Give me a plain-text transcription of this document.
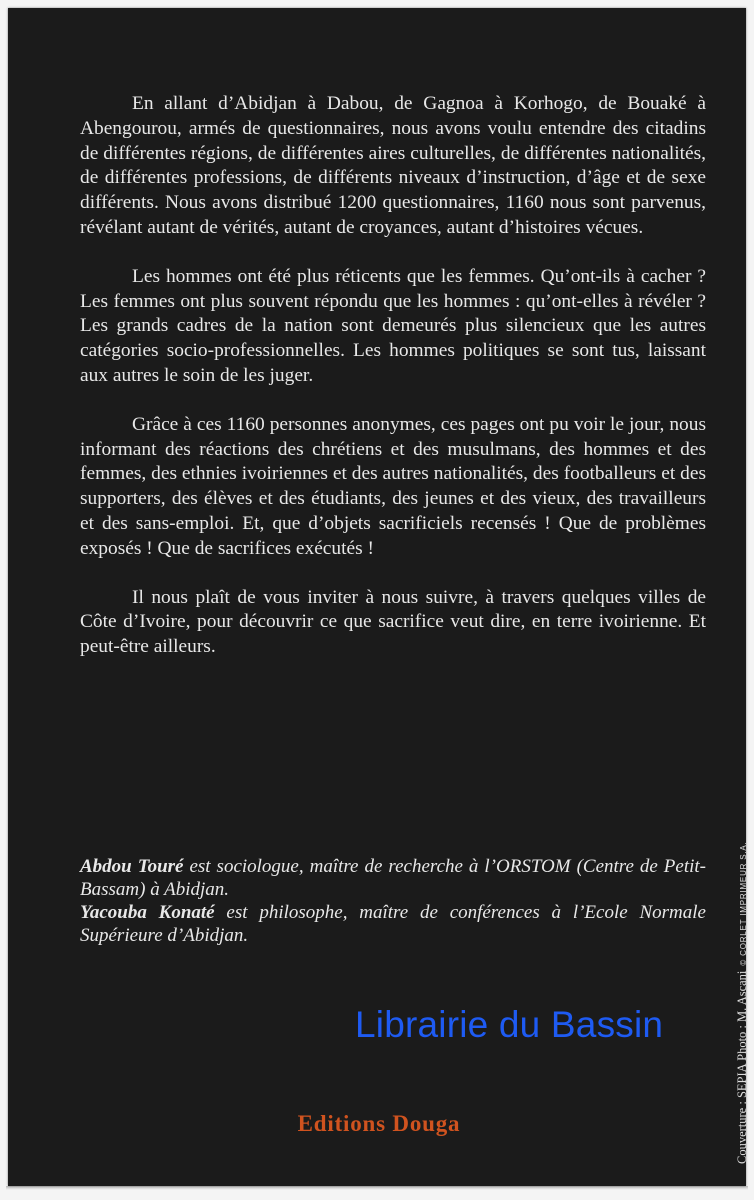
En allant d’Abidjan à Dabou, de Gagnoa à Korhogo, de Bouaké à Abengourou, armés de questionnaires, nous avons voulu entendre des citadins de différentes régions, de différentes aires culturelles, de différentes nationalités, de différentes professions, de différents niveaux d’instruction, d’âge et de sexe différents. Nous avons distribué 1200 questionnaires, 1160 nous sont parvenus, révélant autant de vérités, autant de croyances, autant d’histoires vécues.

Les hommes ont été plus réticents que les femmes. Qu’ont-ils à cacher ? Les femmes ont plus souvent répondu que les hommes : qu’ont-elles à révéler ? Les grands cadres de la nation sont demeurés plus silencieux que les autres catégories socio-professionnelles. Les hommes politiques se sont tus, laissant aux autres le soin de les juger.

Grâce à ces 1160 personnes anonymes, ces pages ont pu voir le jour, nous informant des réactions des chrétiens et des musulmans, des hommes et des femmes, des ethnies ivoiriennes et des autres nationalités, des footballeurs et des supporters, des élèves et des étudiants, des jeunes et des vieux, des travailleurs et des sans-emploi. Et, que d’objets sacrificiels recensés ! Que de problèmes exposés ! Que de sacrifices exécutés !

Il nous plaît de vous inviter à nous suivre, à travers quelques villes de Côte d’Ivoire, pour découvrir ce que sacrifice veut dire, en terre ivoirienne. Et peut-être ailleurs.

Abdou Touré est sociologue, maître de recherche à l’ORSTOM (Centre de Petit-Bassam) à Abidjan.

Yacouba Konaté est philosophe, maître de conférences à l’Ecole Normale Supérieure d’Abidjan.

Librairie du Bassin
Editions Douga	Couverture : SEPIA Photo : M. Ascani© CORLET IMPRIMEUR S.A.
